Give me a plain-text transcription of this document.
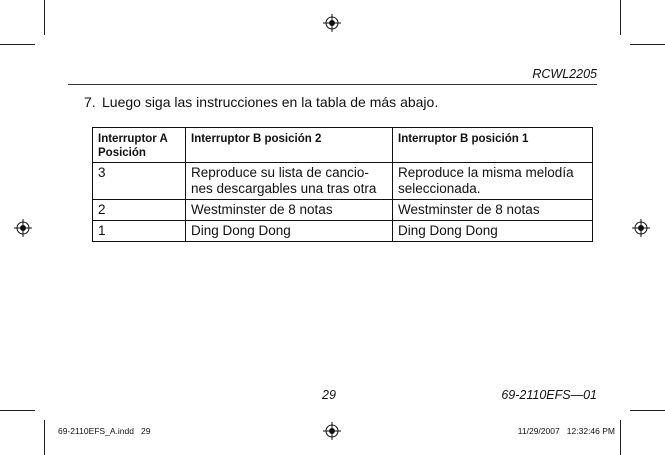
RCWL2205
7. Luego siga las instrucciones en la tabla de más abajo.
Interruptor A Posición	Interruptor B posición 2	Interruptor B posición 1
3	Reproduce su lista de cancio- nes descargables una tras otra	Reproduce la misma melodía seleccionada.
2	Westminster de 8 notas	Westminster de 8 notas
1	Ding Dong Dong	Ding Dong Dong
29	69-2110EFS—01
69-2110EFS_A.indd   29	11/29/2007   12:32:46 PM
